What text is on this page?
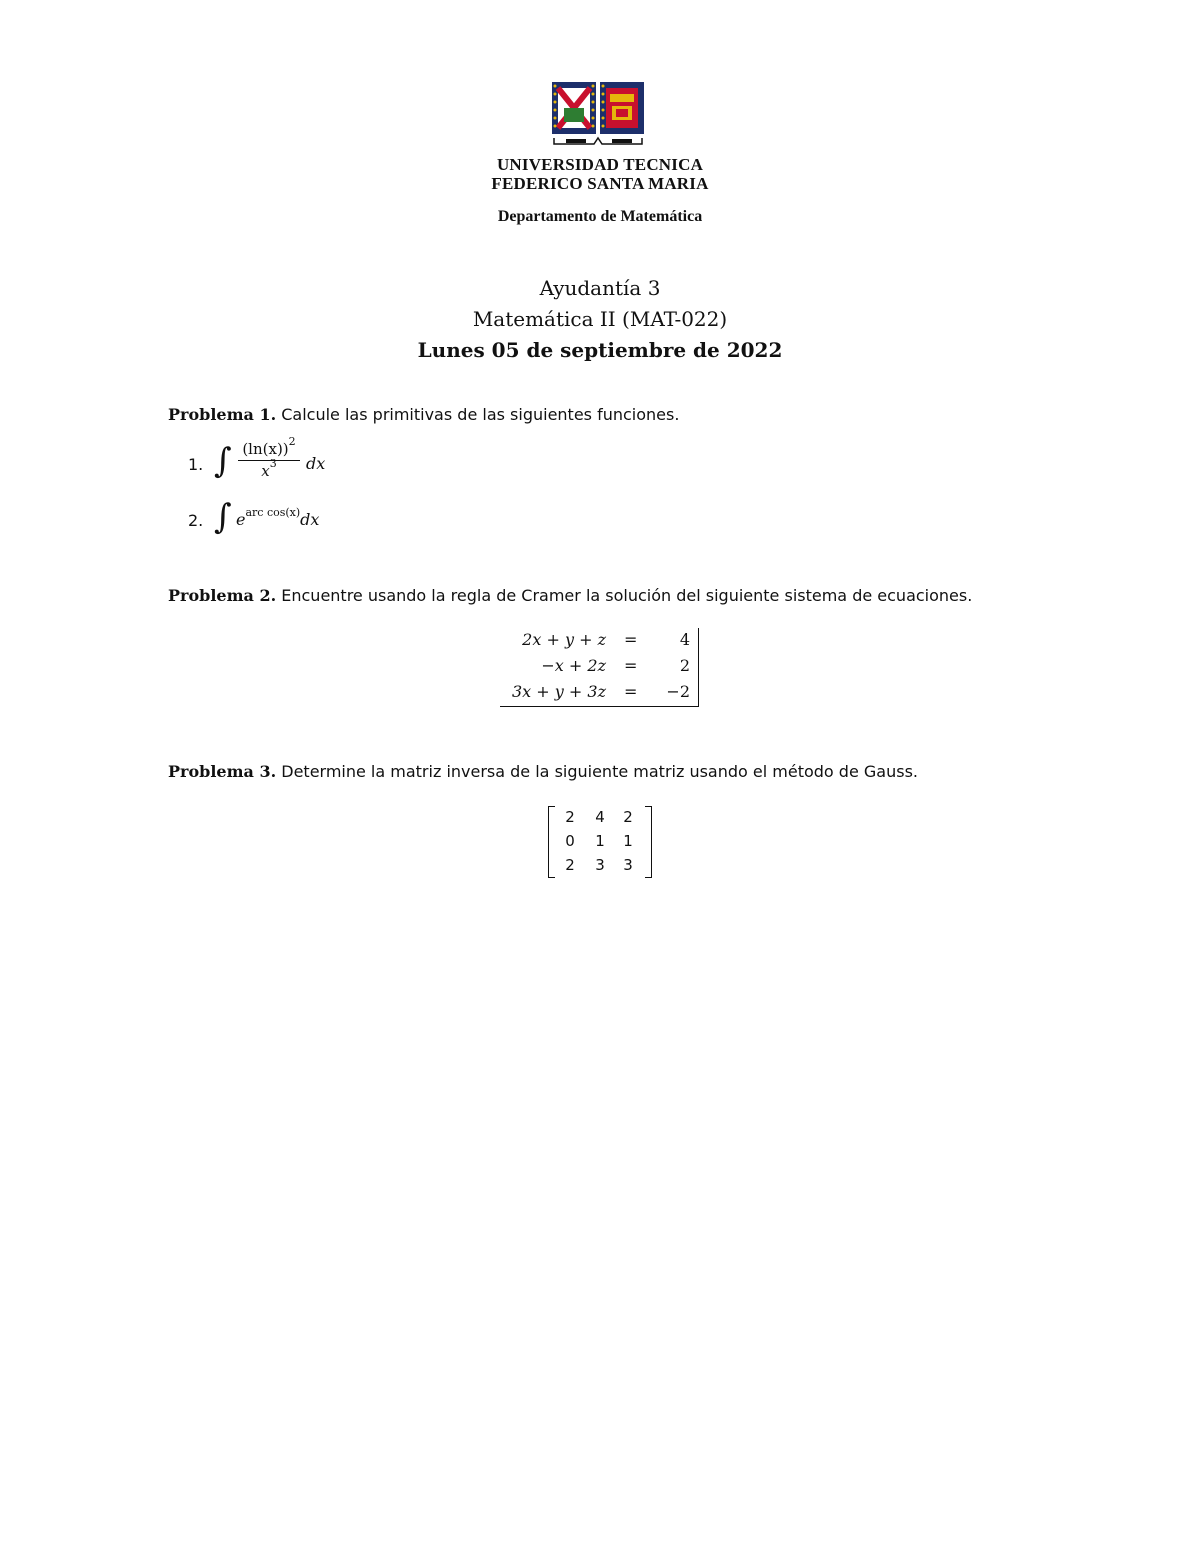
UNIVERSIDAD TECNICA
FEDERICO SANTA MARIA
Departamento de Matemática
Ayudantía 3
Matemática II (MAT-022)
Lunes 05 de septiembre de 2022
Problema 1. Calcule las primitivas de las siguientes funciones.
1. ∫ $(\ln(x))^2$
$x^3$	dx
2. ∫ $e^{arc cos(x)}dx$
Problema 2. Encuentre usando la regla de Cramer la solución del siguiente sistema de ecuaciones.
2x + y + z =	4
−x + 2z =	2
3x + y + 3z = −2
Problema 3. Determine la matriz inversa de la siguiente matriz usando el método de Gauss.
2	4	2
0	1	1
2	3	3
